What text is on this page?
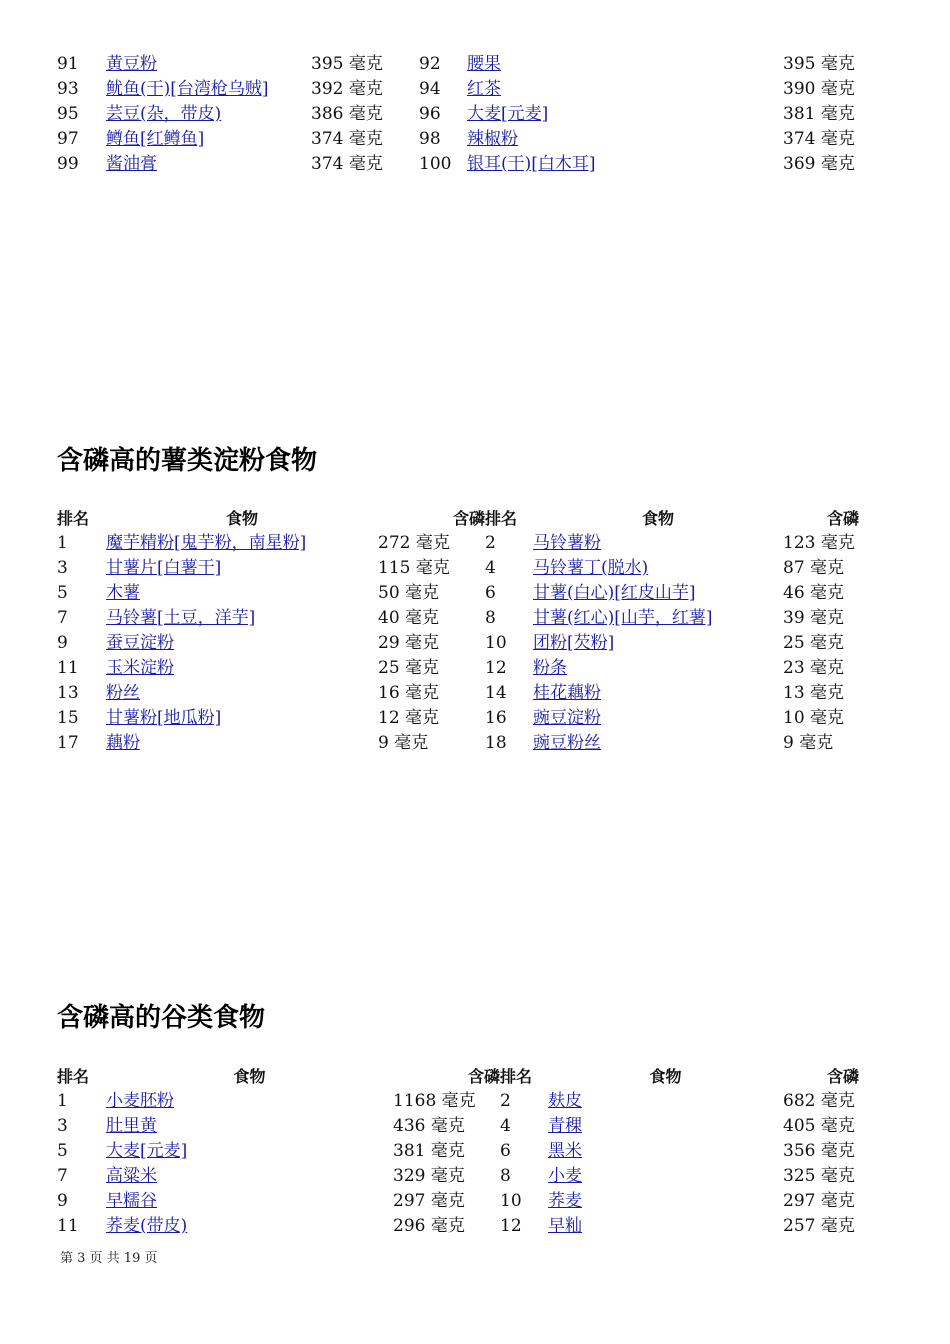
91	黄豆粉	395 毫克	92	腰果	395 毫克
93	鱿鱼(干)[台湾枪乌贼]	392 毫克	94	红茶	390 毫克
95	芸豆(杂，带皮)	386 毫克	96	大麦[元麦]	381 毫克
97	鳟鱼[红鳟鱼]	374 毫克	98	辣椒粉	374 毫克
99	酱油膏	374 毫克	100	银耳(干)[白木耳]	369 毫克
含磷高的薯类淀粉食物
排名	食物	含磷	排名	食物	含磷
1	魔芋精粉[鬼芋粉，南星粉]	272 毫克	2	马铃薯粉	123 毫克
3	甘薯片[白薯干]	115 毫克	4	马铃薯丁(脱水)	87 毫克
5	木薯	50 毫克	6	甘薯(白心)[红皮山芋]	46 毫克
7	马铃薯[土豆，洋芋]	40 毫克	8	甘薯(红心)[山芋，红薯]	39 毫克
9	蚕豆淀粉	29 毫克	10	团粉[芡粉]	25 毫克
11	玉米淀粉	25 毫克	12	粉条	23 毫克
13	粉丝	16 毫克	14	桂花藕粉	13 毫克
15	甘薯粉[地瓜粉]	12 毫克	16	豌豆淀粉	10 毫克
17	藕粉	9 毫克	18	豌豆粉丝	9 毫克
含磷高的谷类食物
排名	食物	含磷	排名	食物	含磷
1	小麦胚粉	1168 毫克	2	麸皮	682 毫克
3	肚里黄	436 毫克	4	青稞	405 毫克
5	大麦[元麦]	381 毫克	6	黑米	356 毫克
7	高粱米	329 毫克	8	小麦	325 毫克
9	早糯谷	297 毫克	10	荞麦	297 毫克
11	荞麦(带皮)	296 毫克	12	早籼	257 毫克
第 3 页 共 19 页
